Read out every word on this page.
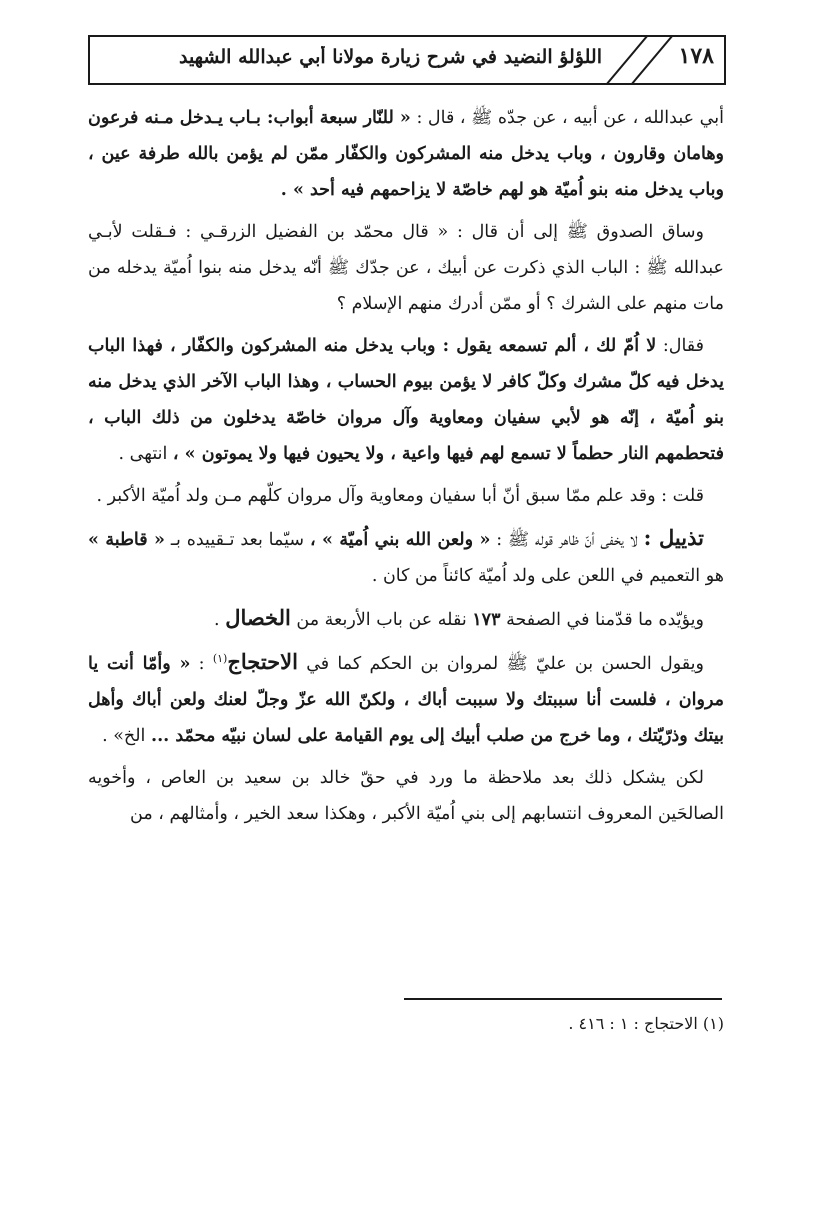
اللؤلؤ النضيد في شرح زيارة مولانا أبي عبدالله الشهيد	١٧٨

أبي عبدالله ، عن أبيه ، عن جدّه ﷺ ، قال : « للنّار سبعة أبواب: بـاب يـدخل مـنه فرعون وهامان وقارون ، وباب يدخل منه المشركون والكفّار ممّن لم يؤمن بالله طرفة عين ، وباب يدخل منه بنو اُميّة هو لهم خاصّة لا يزاحمهم فيه أحد » .

وساق الصدوق ﷺ إلى أن قال : « قال محمّد بن الفضيل الزرقـي : فـقلت لأبـي عبدالله ﷺ : الباب الذي ذكرت عن أبيك ، عن جدّك ﷺ أنّه يدخل منه بنوا اُميّة يدخله من مات منهم على الشرك ؟ أو ممّن أدرك منهم الإسلام ؟

فقال: لا اُمّ لك ، ألم تسمعه يقول : وباب يدخل منه المشركون والكفّار ، فهذا الباب يدخل فيه كلّ مشرك وكلّ كافر لا يؤمن بيوم الحساب ، وهذا الباب الآخر الذي يدخل منه بنو اُميّة ، إنّه هو لأبي سفيان ومعاوية وآل مروان خاصّة يدخلون من ذلك الباب ، فتحطمهم النار حطماً لا تسمع لهم فيها واعية ، ولا يحيون فيها ولا يموتون » ، انتهى .

قلت : وقد علم ممّا سبق أنّ أبا سفيان ومعاوية وآل مروان كلّهم مـن ولد اُميّة الأكبر .

تذييل : لا يخفى أنّ ظاهر قوله ﷺ : « ولعن الله بني اُميّة » ، سيّما بعد تـقييده بـ « قاطبة » هو التعميم في اللعن على ولد اُميّة كائناً من كان .

ويؤيّده ما قدّمنا في الصفحة ١٧٣ نقله عن باب الأربعة من الخصال .

ويقول الحسن بن عليّ ﷺ لمروان بن الحكم كما في الاحتجاج$^{(١)}$ : « وأمّا أنت يا مروان ، فلست أنا سببتك ولا سببت أباك ، ولكنّ الله عزّ وجلّ لعنك ولعن أباك وأهل بيتك وذرّيّتك ، وما خرج من صلب أبيك إلى يوم القيامة على لسان نبيّه محمّد ... الخ» .

لكن يشكل ذلك بعد ملاحظة ما ورد في حقّ خالد بن سعيد بن العاص ، وأخويه الصالحَين المعروف انتسابهم إلى بني اُميّة الأكبر ، وهكذا سعد الخير ، وأمثالهم ، من

(١) الاحتجاج : ١ : ٤١٦ .
